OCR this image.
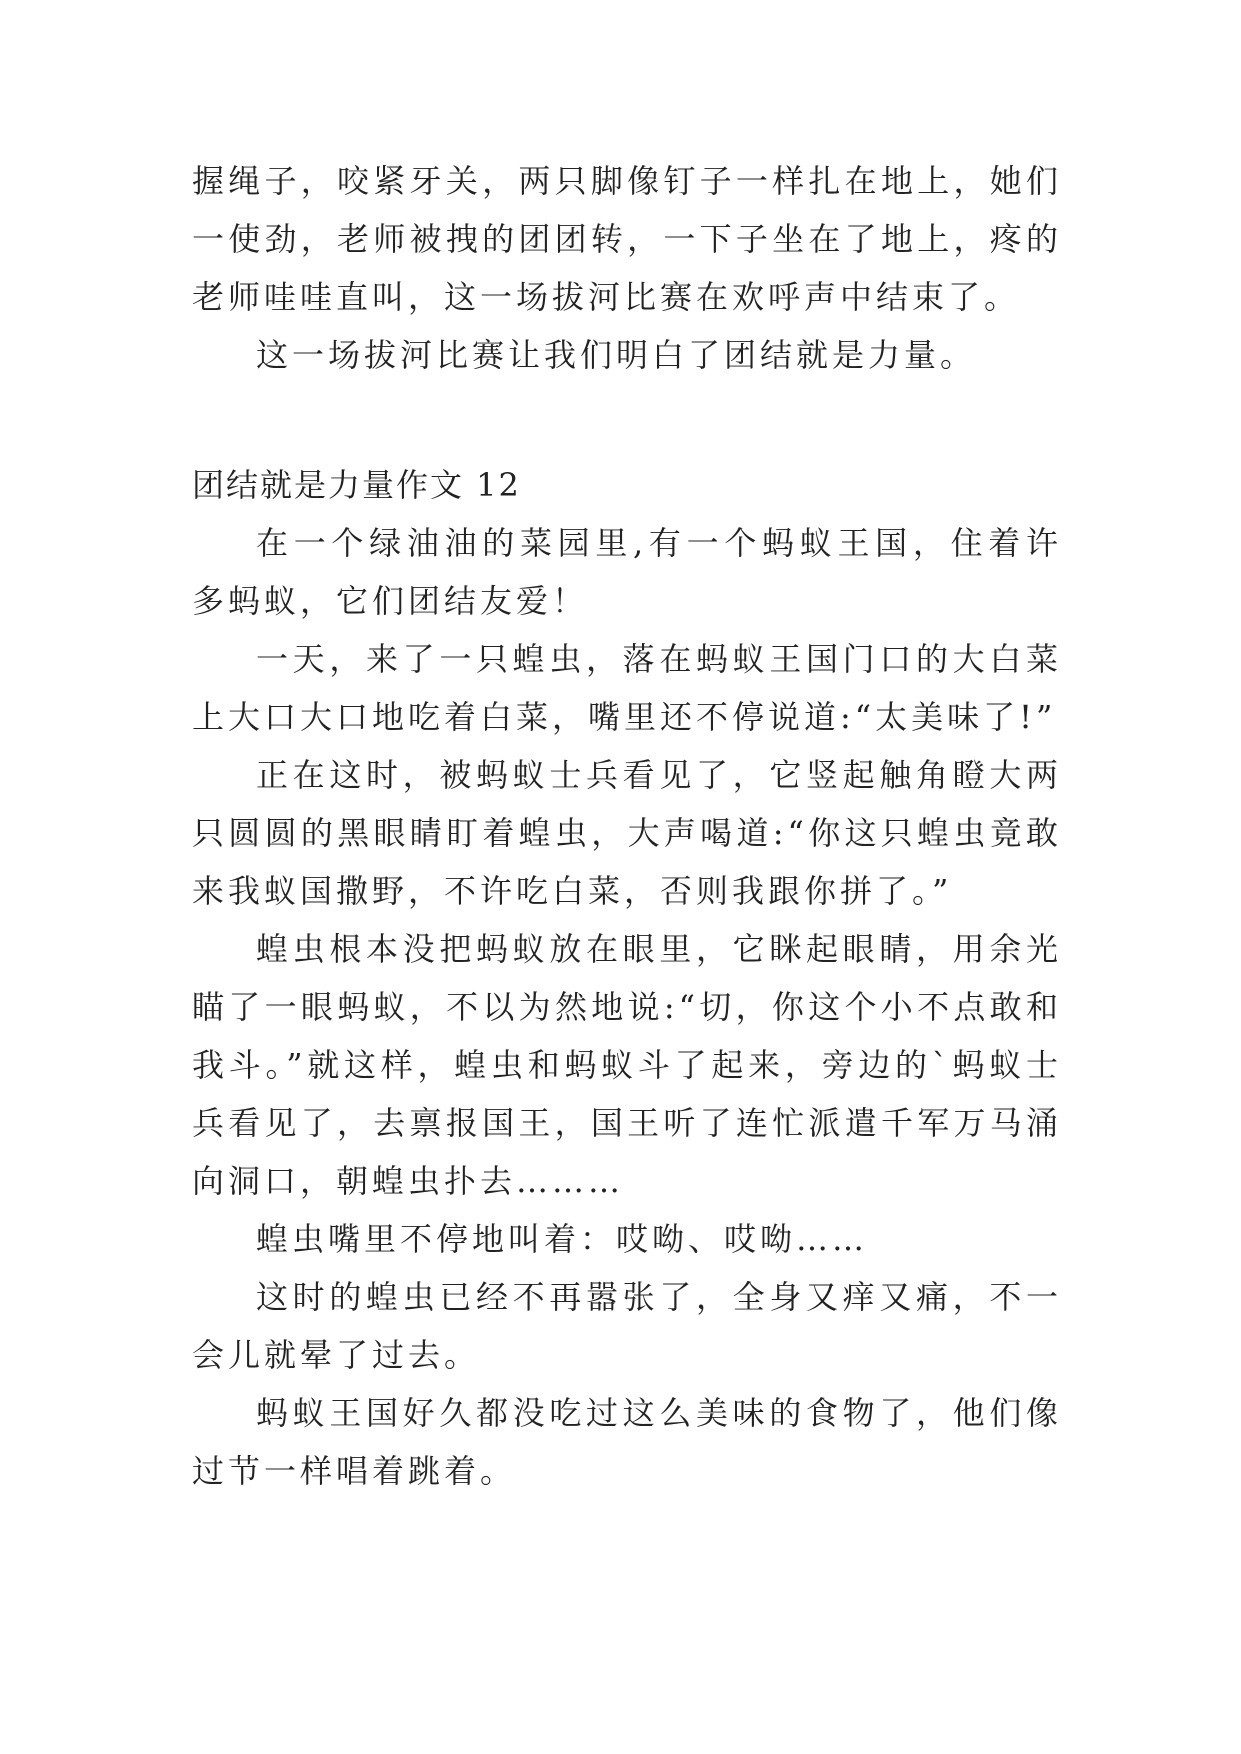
握绳子，咬紧牙关，两只脚像钉子一样扎在地上，她们一使劲，老师被拽的团团转，一下子坐在了地上，疼的老师哇哇直叫，这一场拔河比赛在欢呼声中结束了。

这一场拔河比赛让我们明白了团结就是力量。

团结就是力量作文 12

在一个绿油油的菜园里,有一个蚂蚁王国，住着许多蚂蚁，它们团结友爱！

一天，来了一只蝗虫，落在蚂蚁王国门口的大白菜上大口大口地吃着白菜，嘴里还不停说道:“太美味了!”

正在这时，被蚂蚁士兵看见了，它竖起触角瞪大两只圆圆的黑眼睛盯着蝗虫，大声喝道:“你这只蝗虫竟敢来我蚁国撒野，不许吃白菜，否则我跟你拼了。”

蝗虫根本没把蚂蚁放在眼里，它眯起眼睛，用余光瞄了一眼蚂蚁，不以为然地说:“切，你这个小不点敢和我斗。”就这样，蝗虫和蚂蚁斗了起来，旁边的`蚂蚁士兵看见了，去禀报国王，国王听了连忙派遣千军万马涌向洞口，朝蝗虫扑去………

蝗虫嘴里不停地叫着：哎呦、哎呦……

这时的蝗虫已经不再嚣张了，全身又痒又痛，不一会儿就晕了过去。

蚂蚁王国好久都没吃过这么美味的食物了，他们像过节一样唱着跳着。
